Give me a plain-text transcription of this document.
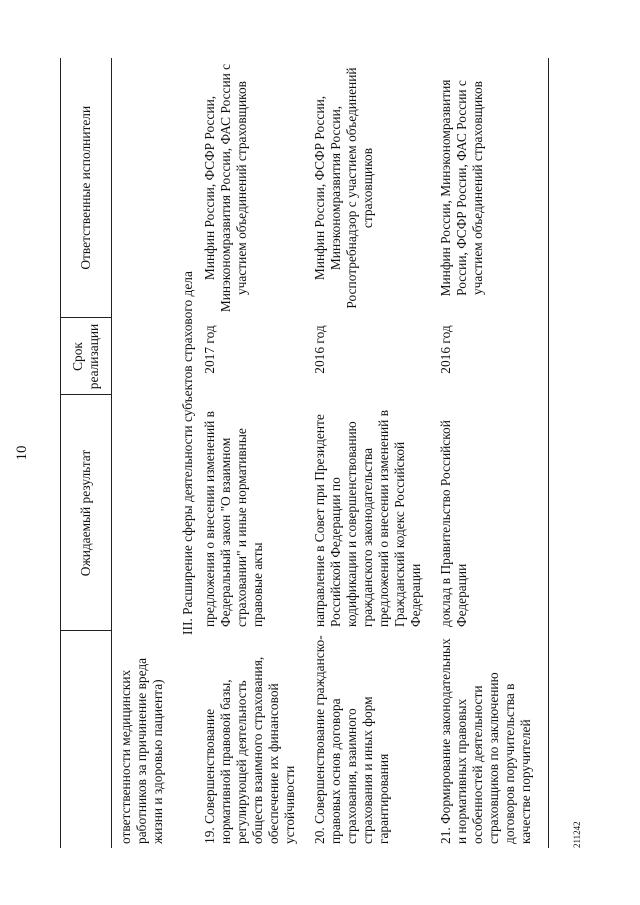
10
		Ожидаемый результат	Срок реализации	Ответственные исполнители
ответственности медицинских работников за причинение вреда жизни и здоровью пациента)			
III. Расширение сферы деятельности субъектов страхового дела			
19. Совершенствование нормативной правовой базы, регулирующей деятельность обществ взаимного страхования, обеспечение их финансовой устойчивости	предложения о внесении изменений в Федеральный закон "О взаимном страховании" и иные нормативные правовые акты	2017 год	Минфин России, ФСФР России, Минэкономразвития России, ФАС России с участием объединений страховщиков
20. Совершенствование гражданско-правовых основ договора страхования, взаимного страхования и иных форм гарантирования	направление в Совет при Президенте Российской Федерации по кодификации и совершенствованию гражданского законодательства предложений о внесении изменений в Гражданский кодекс Российской Федерации	2016 год	Минфин России, ФСФР России, Минэкономразвития России, Роспотребнадзор с участием объединений страховщиков
21. Формирование законодательных и нормативных правовых особенностей деятельности страховщиков по заключению договоров поручительства в качестве поручителей	доклад в Правительство Российской Федерации	2016 год	Минфин России, Минэкономразвития России, ФСФР России, ФАС России с участием объединений страховщиков
211242
